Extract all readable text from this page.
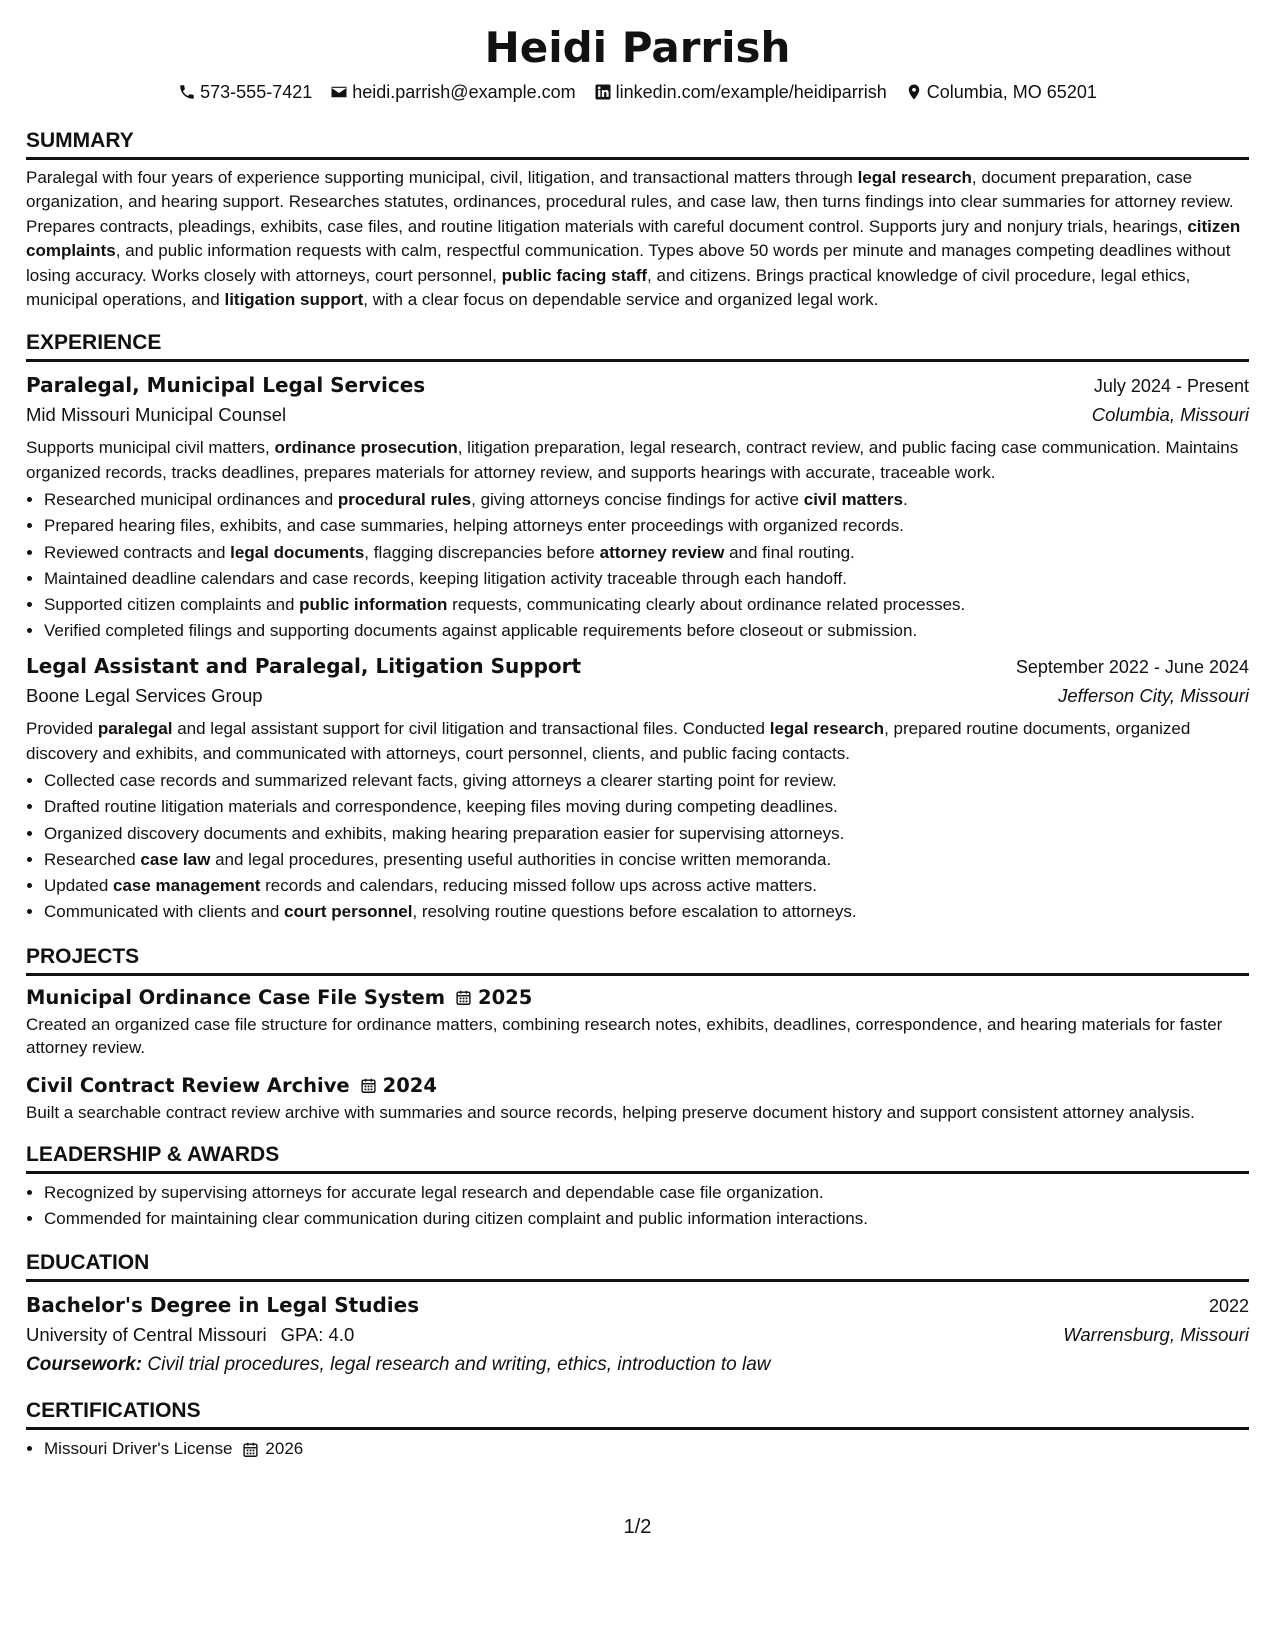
Heidi Parrish
573-555-7421 heidi.parrish@example.com linkedin.com/example/heidiparrish Columbia, MO 65201
SUMMARY
Paralegal with four years of experience supporting municipal, civil, litigation, and transactional matters through legal research, document preparation, case organization, and hearing support. Researches statutes, ordinances, procedural rules, and case law, then turns findings into clear summaries for attorney review. Prepares contracts, pleadings, exhibits, case files, and routine litigation materials with careful document control. Supports jury and nonjury trials, hearings, citizen complaints, and public information requests with calm, respectful communication. Types above 50 words per minute and manages competing deadlines without losing accuracy. Works closely with attorneys, court personnel, public facing staff, and citizens. Brings practical knowledge of civil procedure, legal ethics, municipal operations, and litigation support, with a clear focus on dependable service and organized legal work.
EXPERIENCE
Paralegal, Municipal Legal Services	July 2024 - Present
Mid Missouri Municipal Counsel	Columbia, Missouri
Supports municipal civil matters, ordinance prosecution, litigation preparation, legal research, contract review, and public facing case communication. Maintains organized records, tracks deadlines, prepares materials for attorney review, and supports hearings with accurate, traceable work.
• Researched municipal ordinances and procedural rules, giving attorneys concise findings for active civil matters.
• Prepared hearing files, exhibits, and case summaries, helping attorneys enter proceedings with organized records.
• Reviewed contracts and legal documents, flagging discrepancies before attorney review and final routing.
• Maintained deadline calendars and case records, keeping litigation activity traceable through each handoff.
• Supported citizen complaints and public information requests, communicating clearly about ordinance related processes.
• Verified completed filings and supporting documents against applicable requirements before closeout or submission.
Legal Assistant and Paralegal, Litigation Support	September 2022 - June 2024
Boone Legal Services Group	Jefferson City, Missouri
Provided paralegal and legal assistant support for civil litigation and transactional files. Conducted legal research, prepared routine documents, organized discovery and exhibits, and communicated with attorneys, court personnel, clients, and public facing contacts.
• Collected case records and summarized relevant facts, giving attorneys a clearer starting point for review.
• Drafted routine litigation materials and correspondence, keeping files moving during competing deadlines.
• Organized discovery documents and exhibits, making hearing preparation easier for supervising attorneys.
• Researched case law and legal procedures, presenting useful authorities in concise written memoranda.
• Updated case management records and calendars, reducing missed follow ups across active matters.
• Communicated with clients and court personnel, resolving routine questions before escalation to attorneys.
PROJECTS
Municipal Ordinance Case File System 2025
Created an organized case file structure for ordinance matters, combining research notes, exhibits, deadlines, correspondence, and hearing materials for faster attorney review.
Civil Contract Review Archive 2024
Built a searchable contract review archive with summaries and source records, helping preserve document history and support consistent attorney analysis.
LEADERSHIP & AWARDS
• Recognized by supervising attorneys for accurate legal research and dependable case file organization.
• Commended for maintaining clear communication during citizen complaint and public information interactions.
EDUCATION
Bachelor's Degree in Legal Studies	2022
University of Central Missouri GPA: 4.0	Warrensburg, Missouri
Coursework: Civil trial procedures, legal research and writing, ethics, introduction to law
CERTIFICATIONS
• Missouri Driver's License 2026
1/2
